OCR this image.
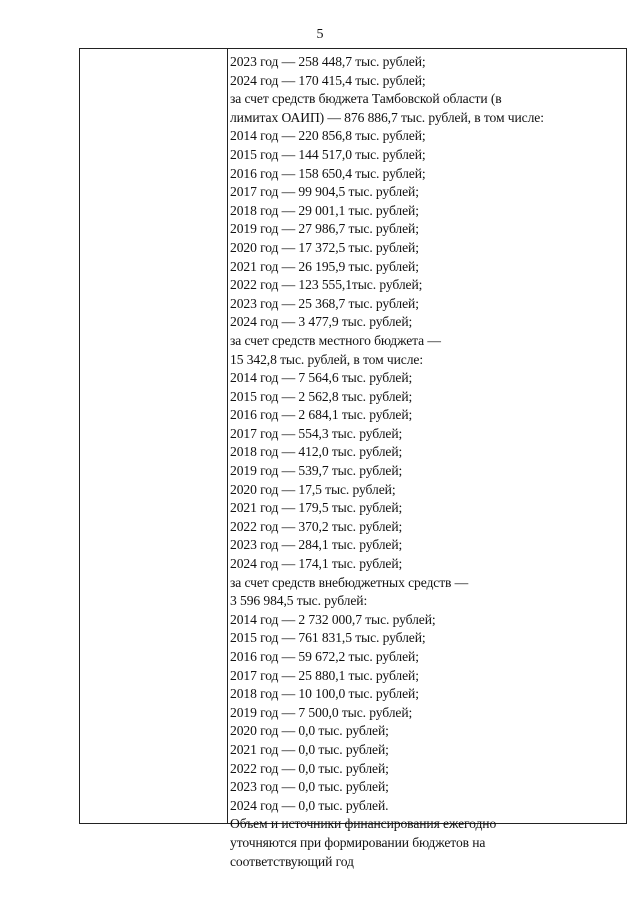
5
2023 год — 258 448,7 тыс. рублей;
2024 год — 170 415,4 тыс. рублей;
за счет средств бюджета Тамбовской области (в
лимитах ОАИП) — 876 886,7 тыс. рублей, в том числе:
2014 год — 220 856,8 тыс. рублей;
2015 год — 144 517,0 тыс. рублей;
2016 год — 158 650,4 тыс. рублей;
2017 год — 99 904,5 тыс. рублей;
2018 год — 29 001,1 тыс. рублей;
2019 год — 27 986,7 тыс. рублей;
2020 год — 17 372,5 тыс. рублей;
2021 год — 26 195,9 тыс. рублей;
2022 год — 123 555,1тыс. рублей;
2023 год — 25 368,7 тыс. рублей;
2024 год — 3 477,9 тыс. рублей;
за счет средств местного бюджета —
15 342,8 тыс. рублей, в том числе:
2014 год — 7 564,6 тыс. рублей;
2015 год — 2 562,8 тыс. рублей;
2016 год — 2 684,1 тыс. рублей;
2017 год — 554,3 тыс. рублей;
2018 год — 412,0 тыс. рублей;
2019 год — 539,7 тыс. рублей;
2020 год — 17,5 тыс. рублей;
2021 год — 179,5 тыс. рублей;
2022 год — 370,2 тыс. рублей;
2023 год — 284,1 тыс. рублей;
2024 год — 174,1 тыс. рублей;
за счет средств внебюджетных средств —
3 596 984,5 тыс. рублей:
2014 год — 2 732 000,7 тыс. рублей;
2015 год — 761 831,5 тыс. рублей;
2016 год — 59 672,2 тыс. рублей;
2017 год — 25 880,1 тыс. рублей;
2018 год — 10 100,0 тыс. рублей;
2019 год — 7 500,0 тыс. рублей;
2020 год — 0,0 тыс. рублей;
2021 год — 0,0 тыс. рублей;
2022 год — 0,0 тыс. рублей;
2023 год — 0,0 тыс. рублей;
2024 год — 0,0 тыс. рублей.
Объем и источники финансирования ежегодно
уточняются при формировании бюджетов на
соответствующий год
